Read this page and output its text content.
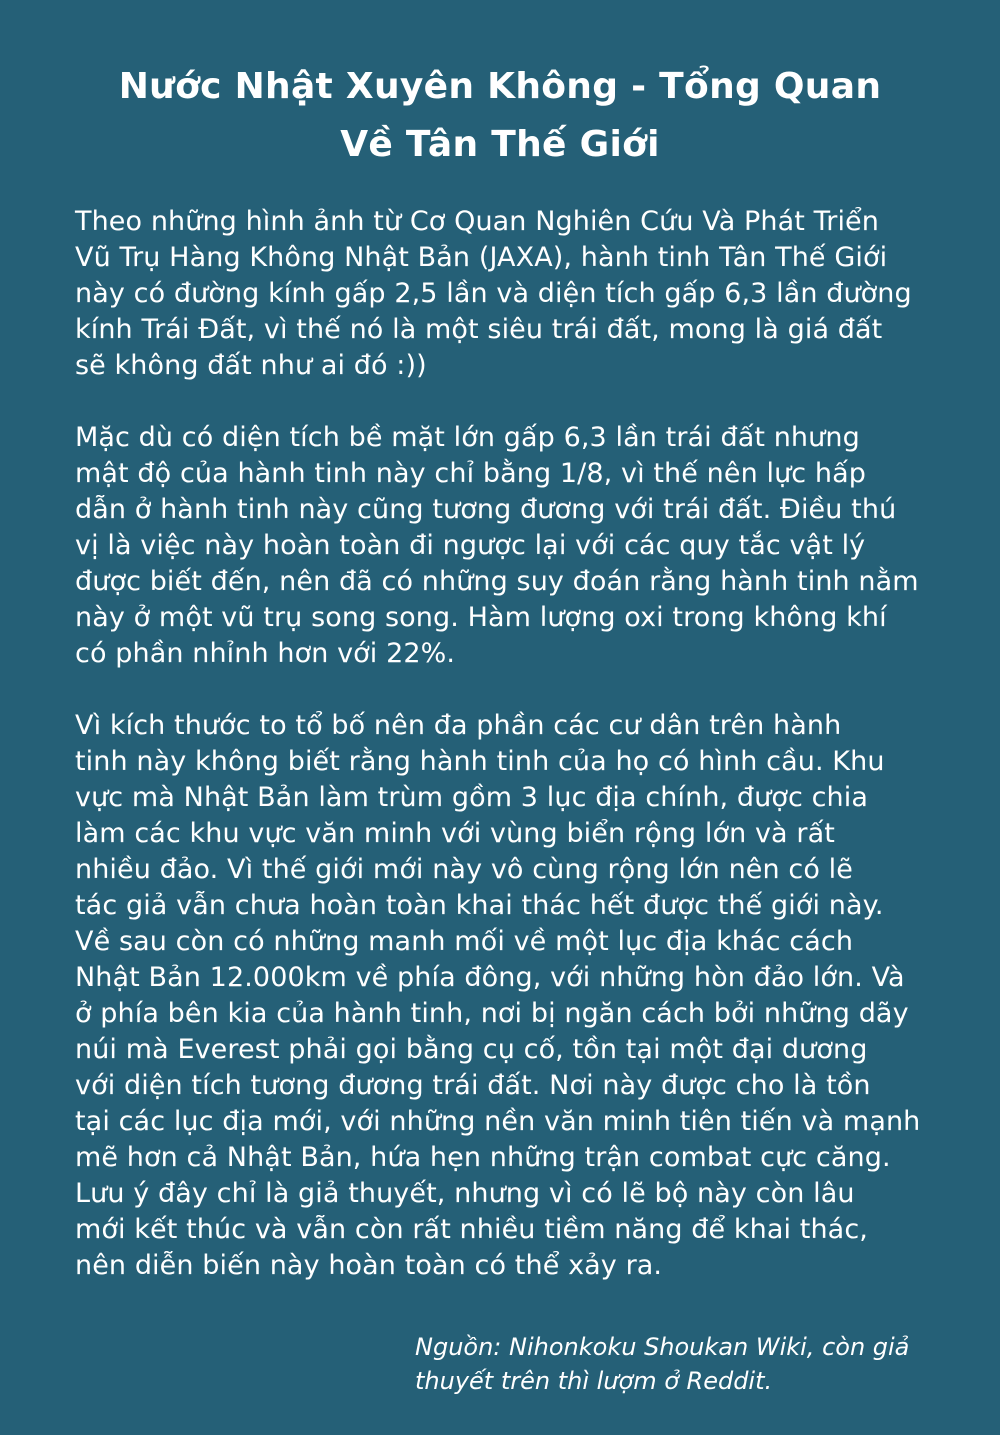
Nước Nhật Xuyên Không - Tổng Quan
Về Tân Thế Giới

Theo những hình ảnh từ Cơ Quan Nghiên Cứu Và Phát Triển
Vũ Trụ Hàng Không Nhật Bản (JAXA), hành tinh Tân Thế Giới
này có đường kính gấp 2,5 lần và diện tích gấp 6,3 lần đường
kính Trái Đất, vì thế nó là một siêu trái đất, mong là giá đất
sẽ không đất như ai đó :))

Mặc dù có diện tích bề mặt lớn gấp 6,3 lần trái đất nhưng
mật độ của hành tinh này chỉ bằng 1/8, vì thế nên lực hấp
dẫn ở hành tinh này cũng tương đương với trái đất. Điều thú
vị là việc này hoàn toàn đi ngược lại với các quy tắc vật lý
được biết đến, nên đã có những suy đoán rằng hành tinh nằm
này ở một vũ trụ song song. Hàm lượng oxi trong không khí
có phần nhỉnh hơn với 22%.

Vì kích thước to tổ bố nên đa phần các cư dân trên hành
tinh này không biết rằng hành tinh của họ có hình cầu. Khu
vực mà Nhật Bản làm trùm gồm 3 lục địa chính, được chia
làm các khu vực văn minh với vùng biển rộng lớn và rất
nhiều đảo. Vì thế giới mới này vô cùng rộng lớn nên có lẽ
tác giả vẫn chưa hoàn toàn khai thác hết được thế giới này.
Về sau còn có những manh mối về một lục địa khác cách
Nhật Bản 12.000km về phía đông, với những hòn đảo lớn. Và
ở phía bên kia của hành tinh, nơi bị ngăn cách bởi những dãy
núi mà Everest phải gọi bằng cụ cố, tồn tại một đại dương
với diện tích tương đương trái đất. Nơi này được cho là tồn
tại các lục địa mới, với những nền văn minh tiên tiến và mạnh
mẽ hơn cả Nhật Bản, hứa hẹn những trận combat cực căng.
Lưu ý đây chỉ là giả thuyết, nhưng vì có lẽ bộ này còn lâu
mới kết thúc và vẫn còn rất nhiều tiềm năng để khai thác,
nên diễn biến này hoàn toàn có thể xảy ra.

Nguồn: Nihonkoku Shoukan Wiki, còn giả
thuyết trên thì lượm ở Reddit.
